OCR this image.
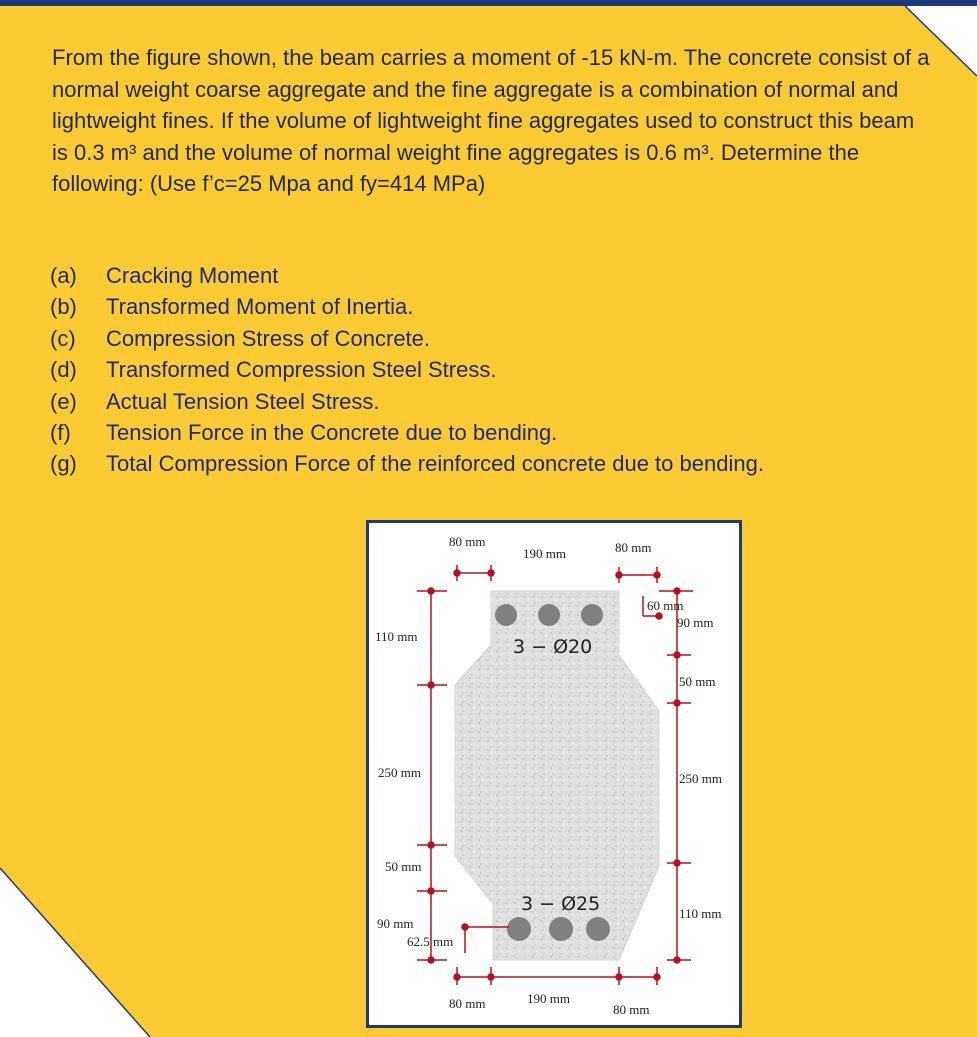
From the figure shown, the beam carries a moment of -15 kN-m. The concrete consist of a normal weight coarse aggregate and the fine aggregate is a combination of normal and lightweight fines. If the volume of lightweight fine aggregates used to construct this beam is 0.3 m³ and the volume of normal weight fine aggregates is 0.6 m³. Determine the following: (Use f’c=25 Mpa and fy=414 MPa)

(a) Cracking Moment
(b) Transformed Moment of Inertia.
(c) Compression Stress of Concrete.
(d) Transformed Compression Steel Stress.
(e) Actual Tension Steel Stress.
(f) Tension Force in the Concrete due to bending.
(g) Total Compression Force of the reinforced concrete due to bending.
80 mm
190 mm	80 mm
60 mm
90 mm
50 mm
250 mm
110 mm
110 mm
250 mm
50 mm
90 mm
62.5 mm
80 mm	190 mm
80 mm
3 − Ø20
3 − Ø25
